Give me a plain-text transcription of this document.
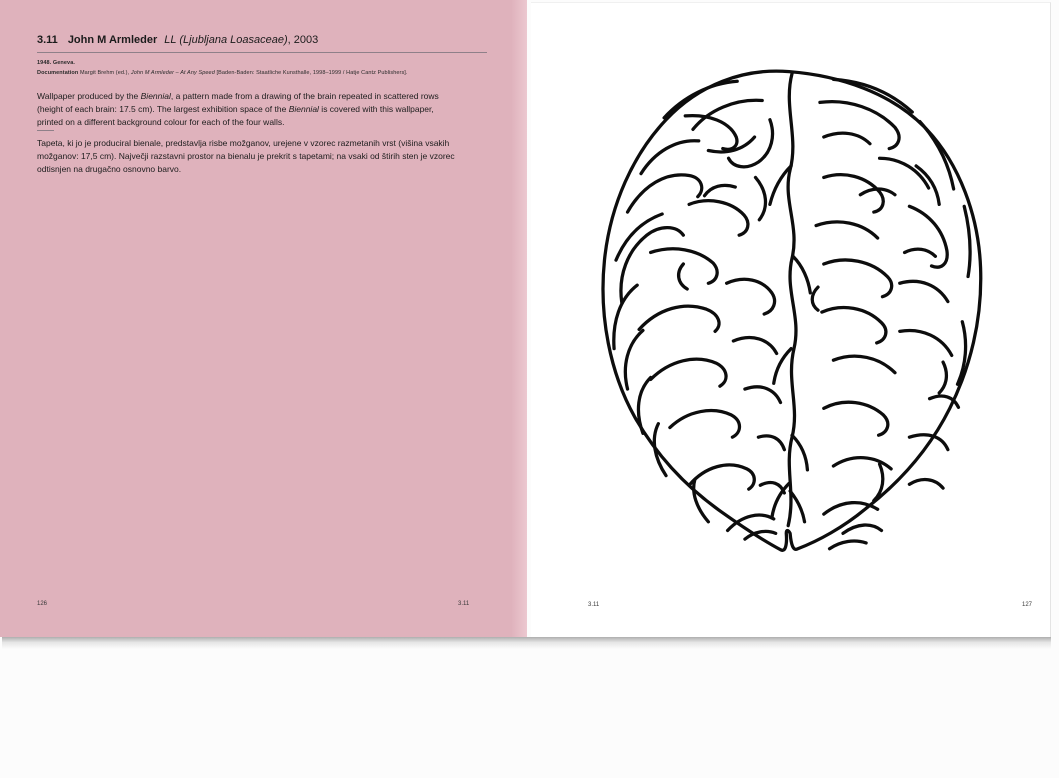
3.11 John M Armleder LL (Ljubljana Loasaceae), 2003
1948. Geneva.
Documentation Margit Brehm (ed.), John M Armleder – At Any Speed [Baden-Baden: Staatliche Kunsthalle, 1998–1999 / Hatje Cantz Publishers].

Wallpaper produced by the Biennial, a pattern made from a drawing of the brain repeated in scattered rows (height of each brain: 17.5 cm). The largest exhibition space of the Biennial is covered with this wallpaper, printed on a different background colour for each of the four walls.

Tapeta, ki jo je produciral bienale, predstavlja risbe možganov, urejene v vzorec razmetanih vrst (višina vsakih možganov: 17,5 cm). Največji razstavni prostor na bienalu je prekrit s tapetami; na vsaki od štirih sten je vzorec odtisnjen na drugačno osnovno barvo.

126	3.11	3.11	127
